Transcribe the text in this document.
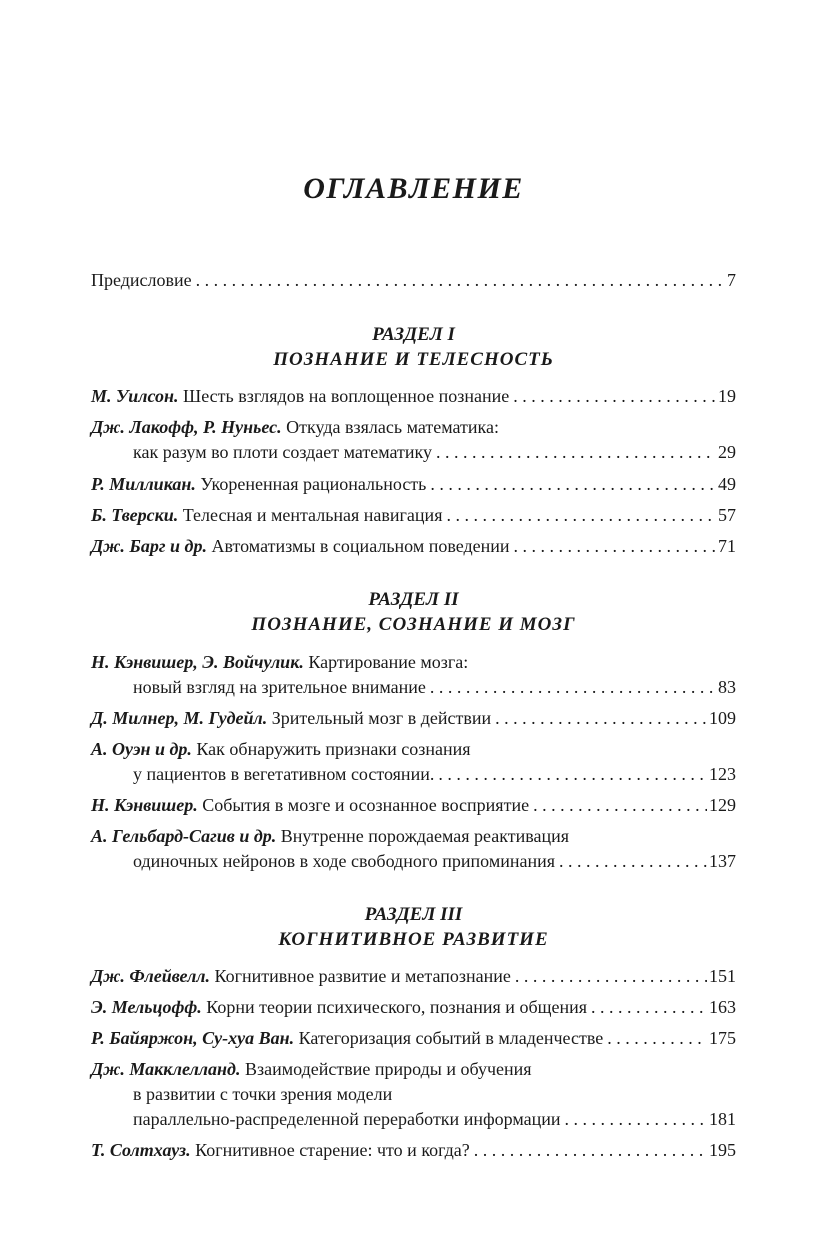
ОГЛАВЛЕНИЕ
Предисловие . . .	7
РАЗДЕЛ I
ПОЗНАНИЕ И ТЕЛЕСНОСТЬ
М. Уилсон. Шесть взглядов на воплощенное познание . . .	19
Дж. Лакофф, Р. Нуньес. Откуда взялась математика:
как разум во плоти создает математику . . .	29
Р. Милликан. Укорененная рациональность . . .	49
Б. Тверски. Телесная и ментальная навигация . . .	57
Дж. Барг и др. Автоматизмы в социальном поведении . . .	71
РАЗДЕЛ II
ПОЗНАНИЕ, СОЗНАНИЕ И МОЗГ
Н. Кэнвишер, Э. Войчулик. Картирование мозга:
новый взгляд на зрительное внимание . . .	83
Д. Милнер, М. Гудейл. Зрительный мозг в действии . . .	109
А. Оуэн и др. Как обнаружить признаки сознания
у пациентов в вегетативном состоянии. . . .	123
Н. Кэнвишер. События в мозге и осознанное восприятие . . .	129
А. Гельбард-Сагив и др. Внутренне порождаемая реактивация
одиночных нейронов в ходе свободного припоминания . . .	137
РАЗДЕЛ III
КОГНИТИВНОЕ РАЗВИТИЕ
Дж. Флейвелл. Когнитивное развитие и метапознание . . .	151
Э. Мельцофф. Корни теории психического, познания и общения . . .	163
Р. Байяржон, Су-хуа Ван. Категоризация событий в младенчестве . . .	175
Дж. Макклелланд. Взаимодействие природы и обучения
в развитии с точки зрения модели
параллельно-распределенной переработки информации . . .	181
Т. Солтхауз. Когнитивное старение: что и когда? . . .	195
